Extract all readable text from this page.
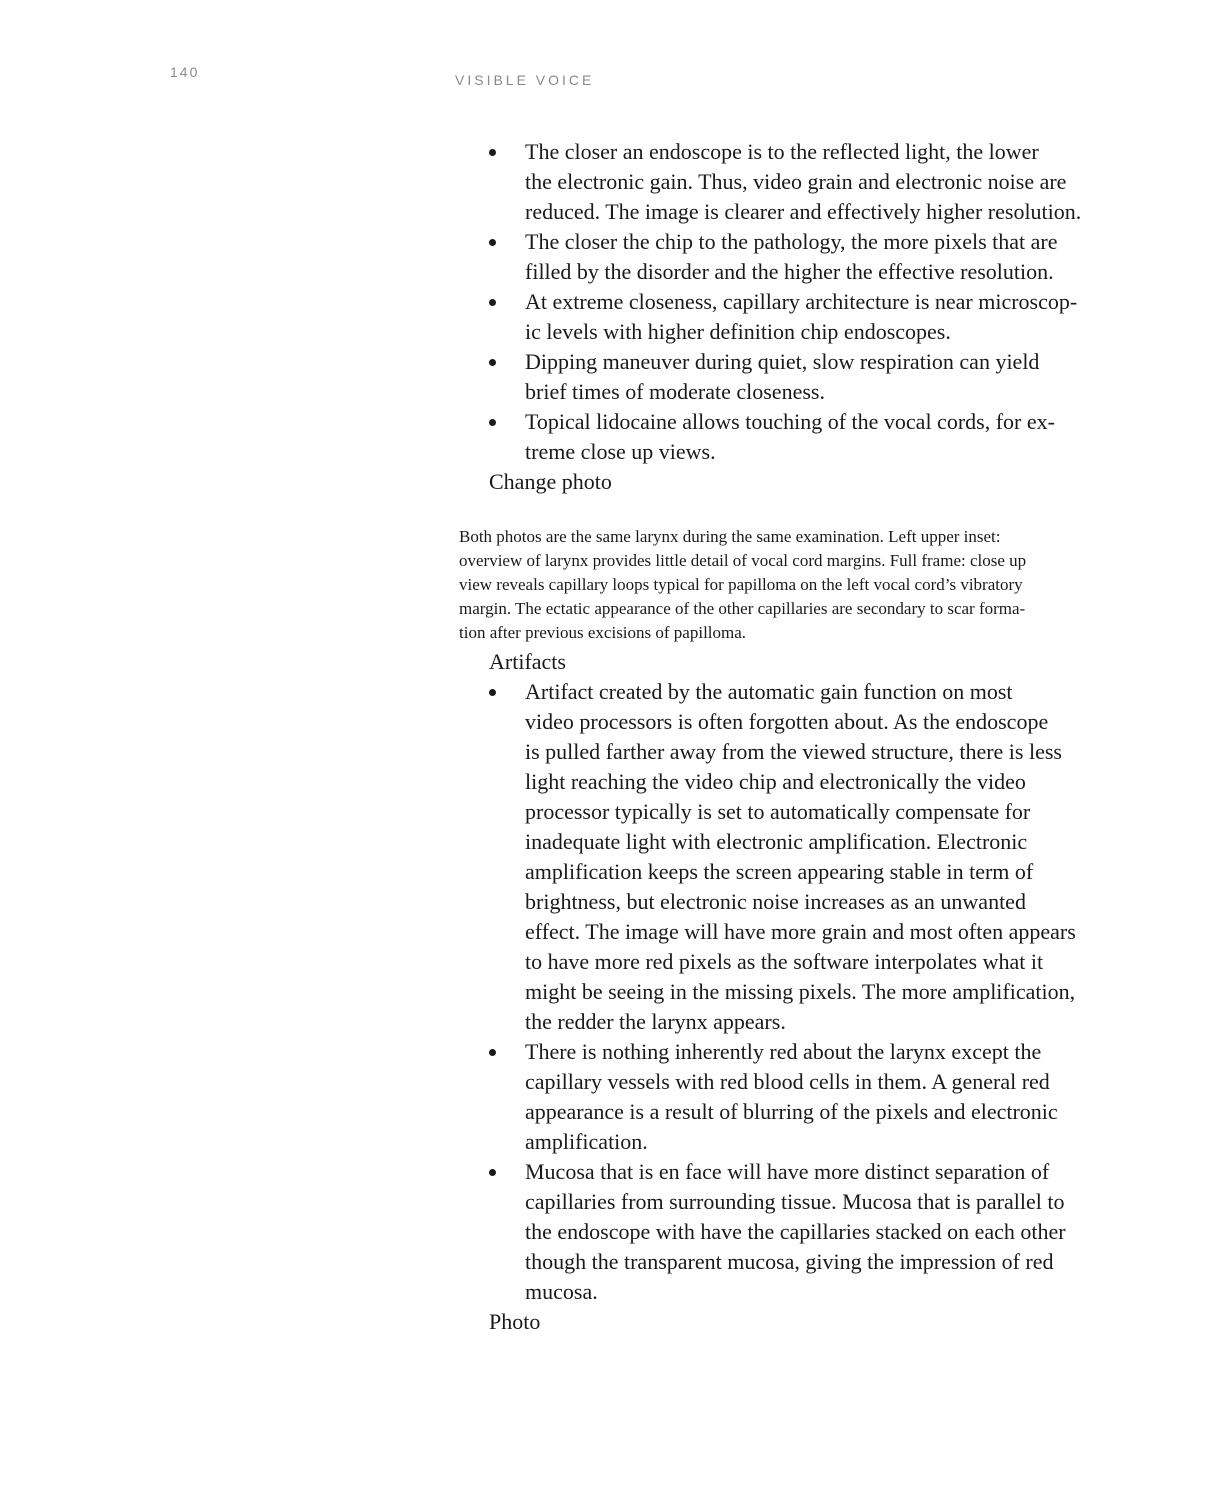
140	VISIBLE VOICE
The closer an endoscope is to the reflected light, the lower
the electronic gain. Thus, video grain and electronic noise are
reduced. The image is clearer and effectively higher resolution.
The closer the chip to the pathology, the more pixels that are
filled by the disorder and the higher the effective resolution.
At extreme closeness, capillary architecture is near microscop-
ic levels with higher definition chip endoscopes.
Dipping maneuver during quiet, slow respiration can yield
brief times of moderate closeness.
Topical lidocaine allows touching of the vocal cords, for ex-
treme close up views.
Change photo
Both photos are the same larynx during the same examination. Left upper inset:
overview of larynx provides little detail of vocal cord margins. Full frame: close up
view reveals capillary loops typical for papilloma on the left vocal cord’s vibratory
margin. The ectatic appearance of the other capillaries are secondary to scar forma-
tion after previous excisions of papilloma.
Artifacts
Artifact created by the automatic gain function on most
video processors is often forgotten about. As the endoscope
is pulled farther away from the viewed structure, there is less
light reaching the video chip and electronically the video
processor typically is set to automatically compensate for
inadequate light with electronic amplification. Electronic
amplification keeps the screen appearing stable in term of
brightness, but electronic noise increases as an unwanted
effect. The image will have more grain and most often appears
to have more red pixels as the software interpolates what it
might be seeing in the missing pixels. The more amplification,
the redder the larynx appears.
There is nothing inherently red about the larynx except the
capillary vessels with red blood cells in them. A general red
appearance is a result of blurring of the pixels and electronic
amplification.
Mucosa that is en face will have more distinct separation of
capillaries from surrounding tissue. Mucosa that is parallel to
the endoscope with have the capillaries stacked on each other
though the transparent mucosa, giving the impression of red
mucosa.
Photo
